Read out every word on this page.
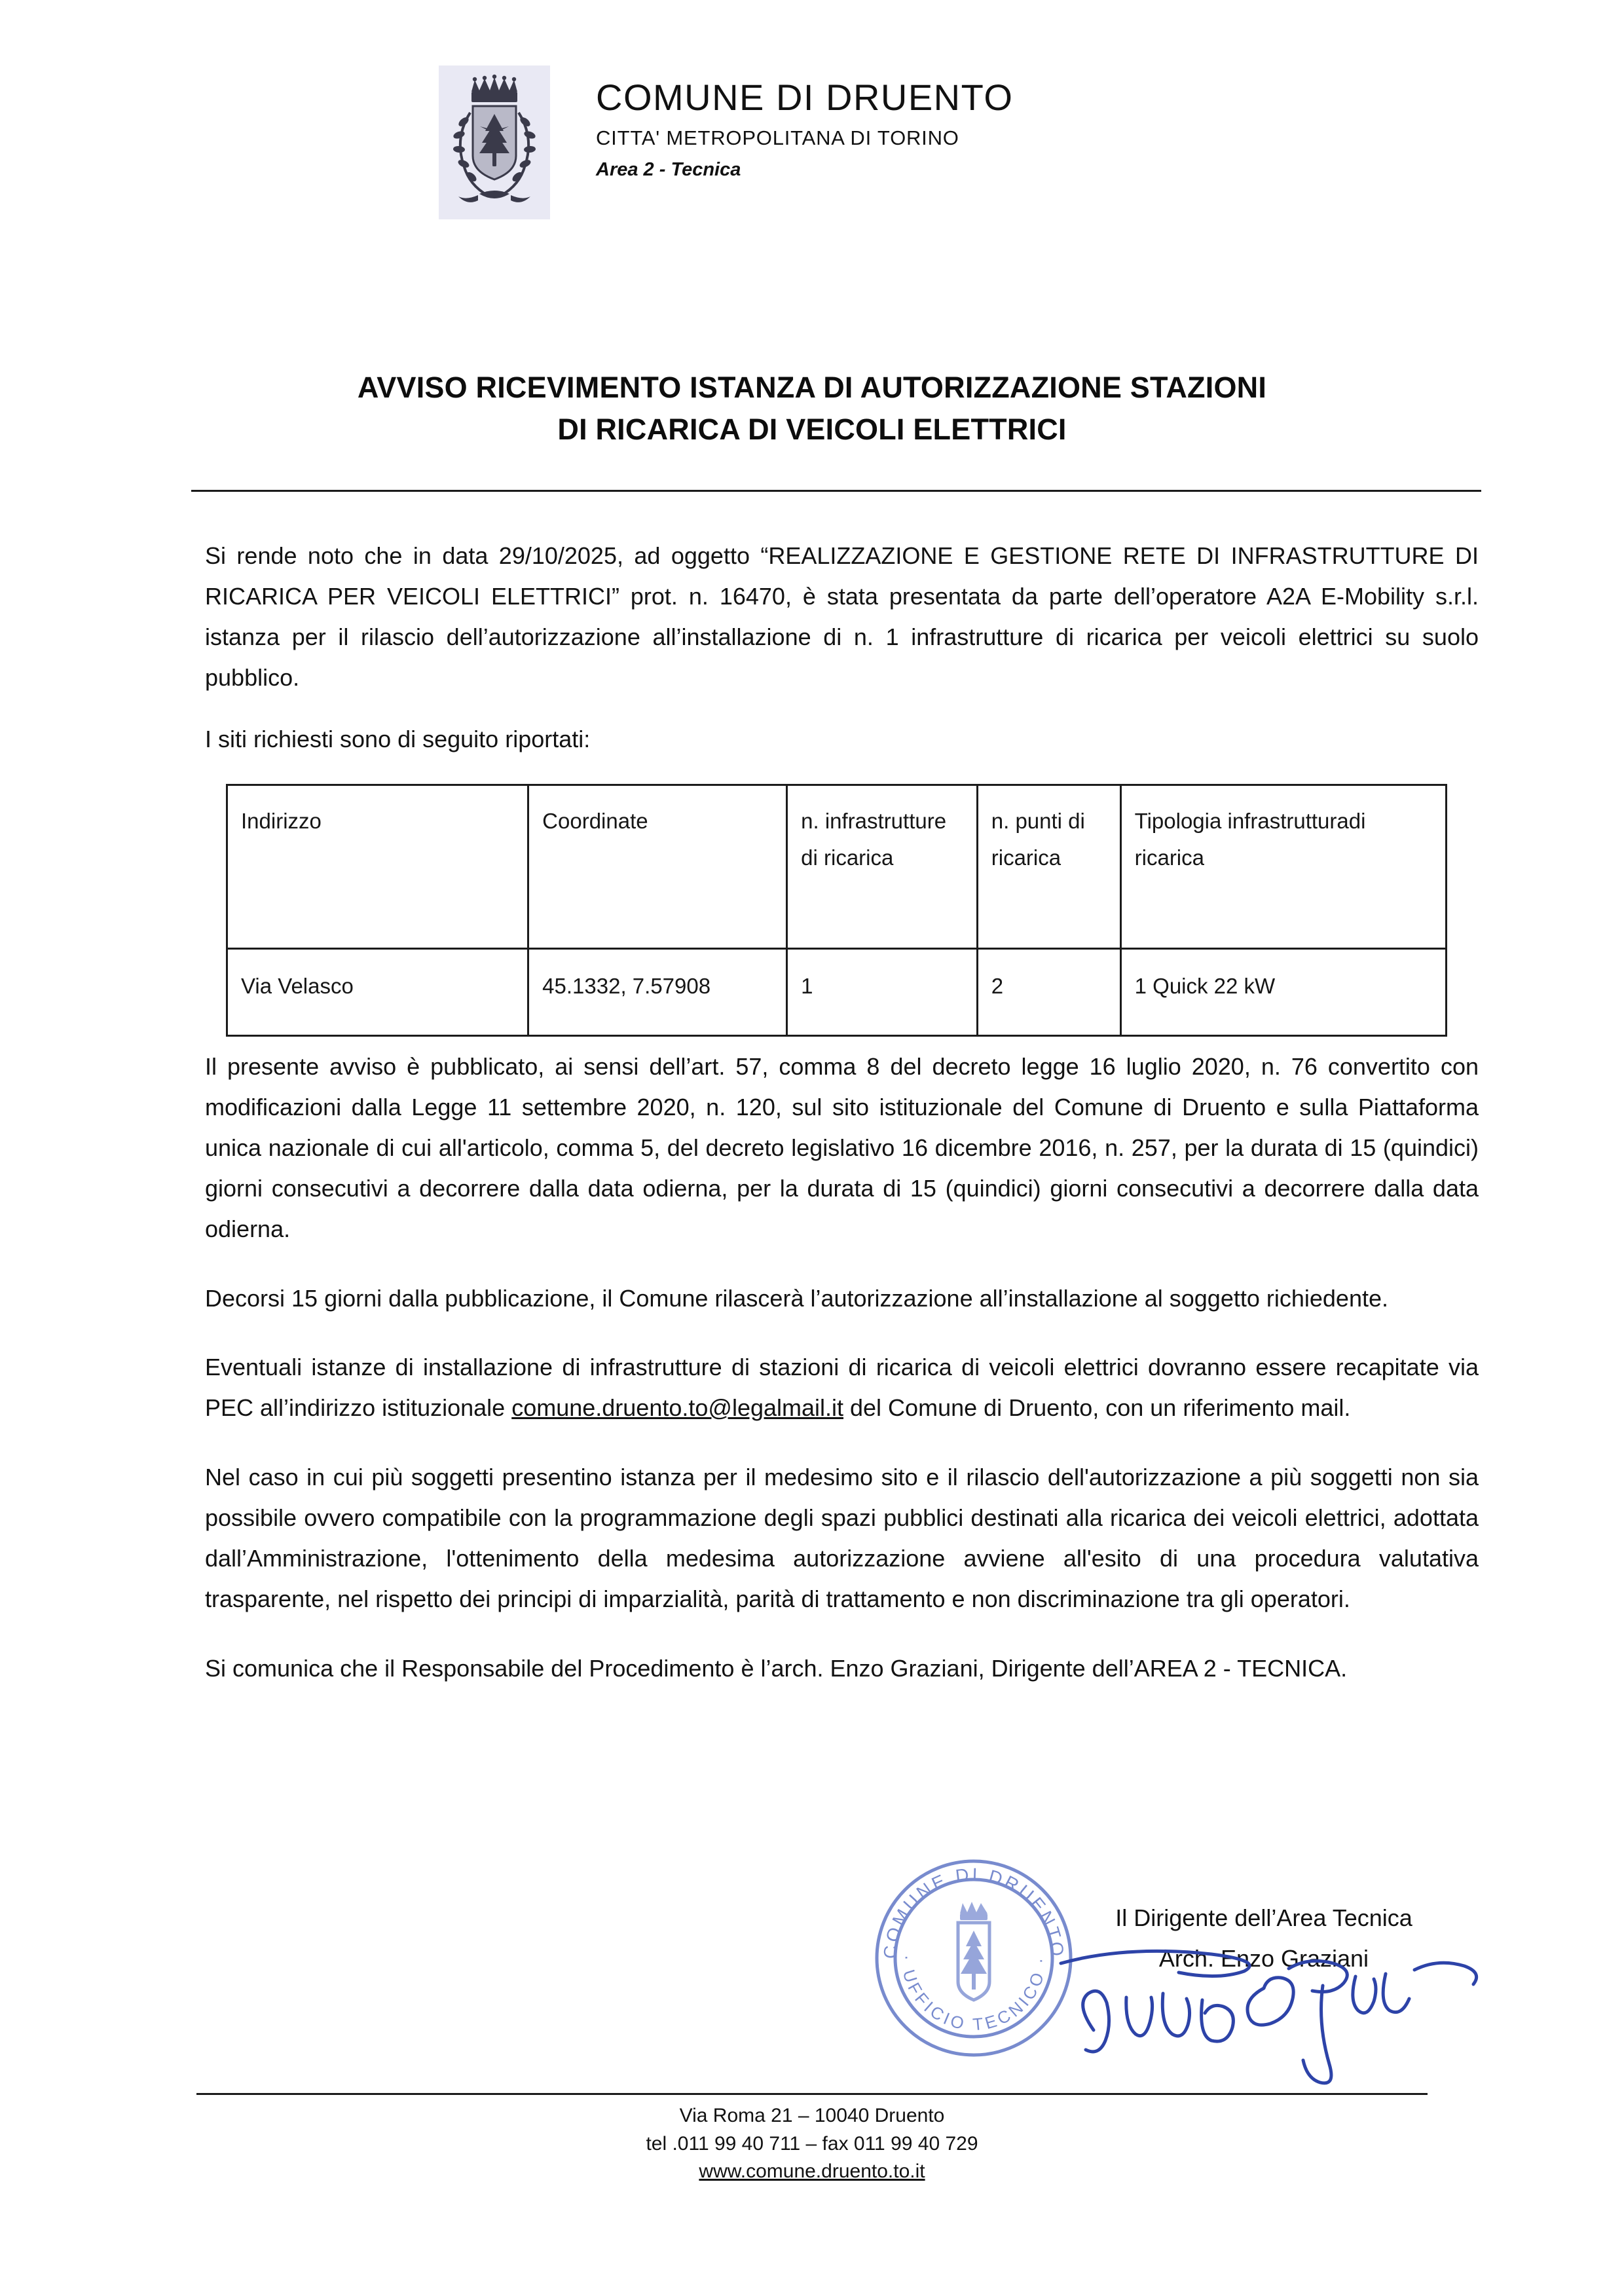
COMUNE DI DRUENTO
CITTA' METROPOLITANA DI TORINO
Area 2 - Tecnica
AVVISO RICEVIMENTO ISTANZA DI AUTORIZZAZIONE STAZIONI
DI RICARICA DI VEICOLI ELETTRICI

Si rende noto che in data 29/10/2025, ad oggetto “REALIZZAZIONE E GESTIONE RETE DI INFRASTRUTTURE DI RICARICA PER VEICOLI ELETTRICI” prot. n. 16470, è stata presentata da parte dell’operatore A2A E-Mobility s.r.l. istanza per il rilascio dell’autorizzazione all’installazione di n. 1 infrastrutture di ricarica per veicoli elettrici su suolo pubblico.

I siti richiesti sono di seguito riportati:

Indirizzo	Coordinate	n. infrastrutture di ricarica	n. punti di ricarica	Tipologia infrastrutturadi
ricarica

Via Velasco	45.1332, 7.57908	1	2	1 Quick 22 kW

Il presente avviso è pubblicato, ai sensi dell’art. 57, comma 8 del decreto legge 16 luglio 2020, n. 76 convertito con modificazioni dalla Legge 11 settembre 2020, n. 120, sul sito istituzionale del Comune di Druento e sulla Piattaforma unica nazionale di cui all'articolo, comma 5, del decreto legislativo 16 dicembre 2016, n. 257, per la durata di 15 (quindici) giorni consecutivi a decorrere dalla data odierna, per la durata di 15 (quindici) giorni consecutivi a decorrere dalla data odierna.

Decorsi 15 giorni dalla pubblicazione, il Comune rilascerà l’autorizzazione all’installazione al soggetto richiedente.

Eventuali istanze di installazione di infrastrutture di stazioni di ricarica di veicoli elettrici dovranno essere recapitate via PEC all’indirizzo istituzionale comune.druento.to@legalmail.it del Comune di Druento, con un riferimento mail.

Nel caso in cui più soggetti presentino istanza per il medesimo sito e il rilascio dell'autorizzazione a più soggetti non sia possibile ovvero compatibile con la programmazione degli spazi pubblici destinati alla ricarica dei veicoli elettrici, adottata dall’Amministrazione, l'ottenimento della medesima autorizzazione avviene all'esito di una procedura valutativa trasparente, nel rispetto dei principi di imparzialità, parità di trattamento e non discriminazione tra gli operatori.

Si comunica che il Responsabile del Procedimento è l’arch. Enzo Graziani, Dirigente dell’AREA 2 - TECNICA.

COMUNE DI DRUENTO
· UFFICIO TECNICO ·
Il Dirigente dell’Area Tecnica
Arch. Enzo Graziani
Via Roma 21 – 10040 Druento
tel .011 99 40 711 – fax 011 99 40 729
www.comune.druento.to.it
